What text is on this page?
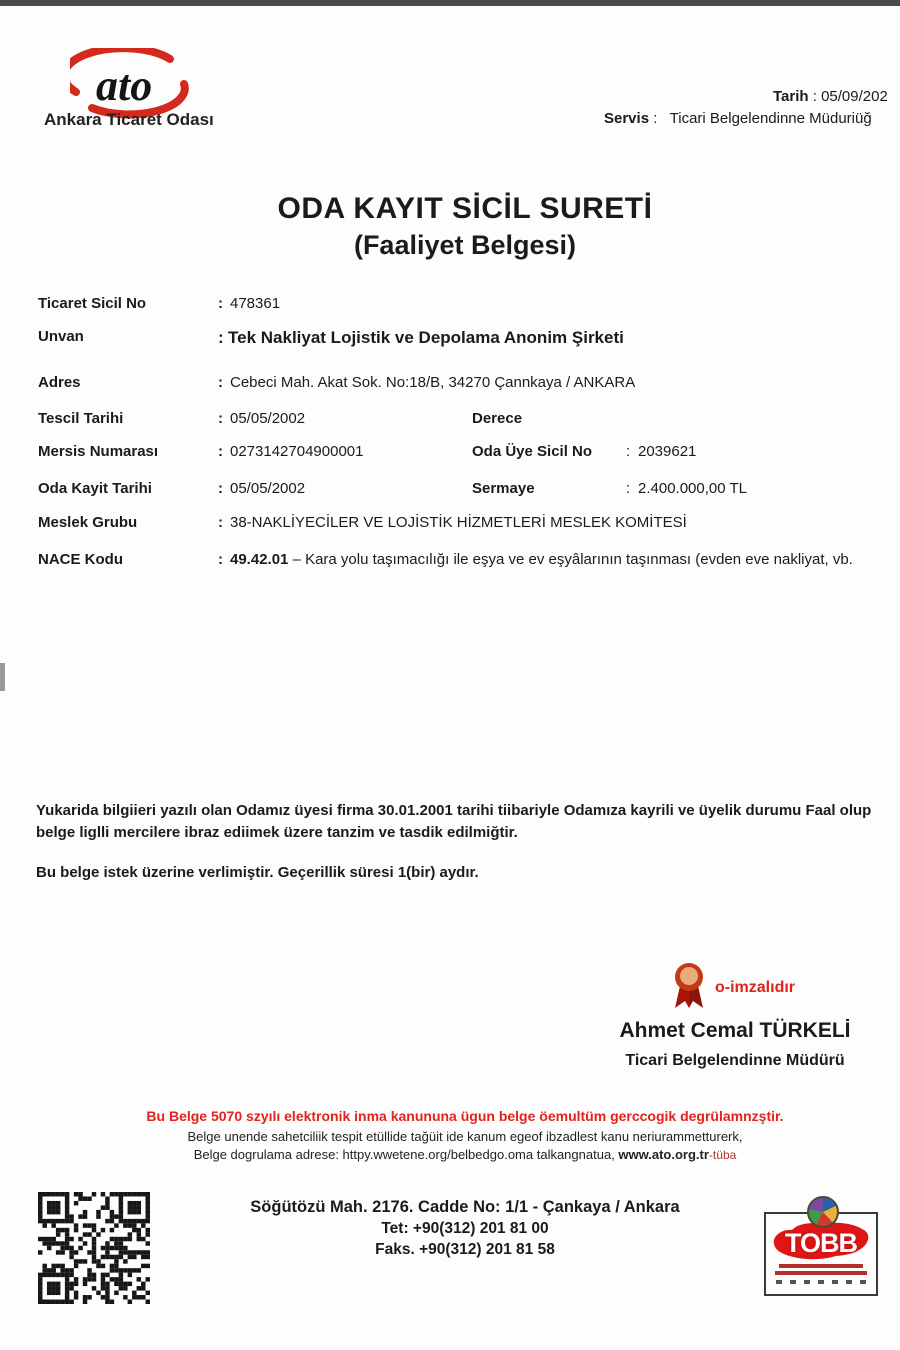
ato
Ankara Ticaret Odası
Tarih : 05/09/202
Servis : Ticari Belgelendinne Müduriüğ
ODA KAYIT SİCİL SURETİ
(Faaliyet Belgesi)
Ticaret Sicil No	: 478361
Unvan	: Tek Nakliyat Lojistik ve Depolama Anonim Şirketi
Adres	: Cebeci Mah. Akat Sok. No:18/B, 34270 Çannkaya / ANKARA
Tescil Tarihi	: 05/05/2002	Derece
Mersis Numarası	: 0273142704900001	Oda Üye Sicil No : 2039621
Oda Kayit Tarihi	: 05/05/2002	Sermaye	: 2.400.000,00 TL
Meslek Grubu	: 38-NAKLİYECİLER VE LOJİSTİK HİZMETLERİ MESLEK KOMİTESİ
NACE Kodu	: 49.42.01 – Kara yolu taşımacılığı ile eşya ve ev eşyâlarının taşınması (evden eve nakliyat, vb.
Yukarida bilgiieri yazılı olan Odamız üyesi firma 30.01.2001 tarihi tiibariyle Odamıza kayrili ve üyelik durumu Faal olup belge liglli mercilere ibraz ediimek üzere tanzim ve tasdik edilmiğtir.
Bu belge istek üzerine verlimiştir. Geçerillik süresi 1(bir) aydır.
o-imzalıdır
Ahmet Cemal TÜRKELİ
Ticari Belgelendinne Müdürü
Bu Belge 5070 szyılı elektronik inma kanununa ügun belge öemultüm gerccogik degrülamnzştir.
Belge unende sahetciliik tespit etüllide tağüit ide kanum egeof ibzadlest kanu neriurammetturerk,
Belge dogrulama adrese: httpy.wwetene.org/belbedgo.oma talkangnatua, www.ato.org.tr-tüba
Söğütözü Mah. 2176. Cadde No: 1/1 - Çankaya / Ankara
Tet: +90(312) 201 81 00
Faks. +90(312) 201 81 58	TOBB
